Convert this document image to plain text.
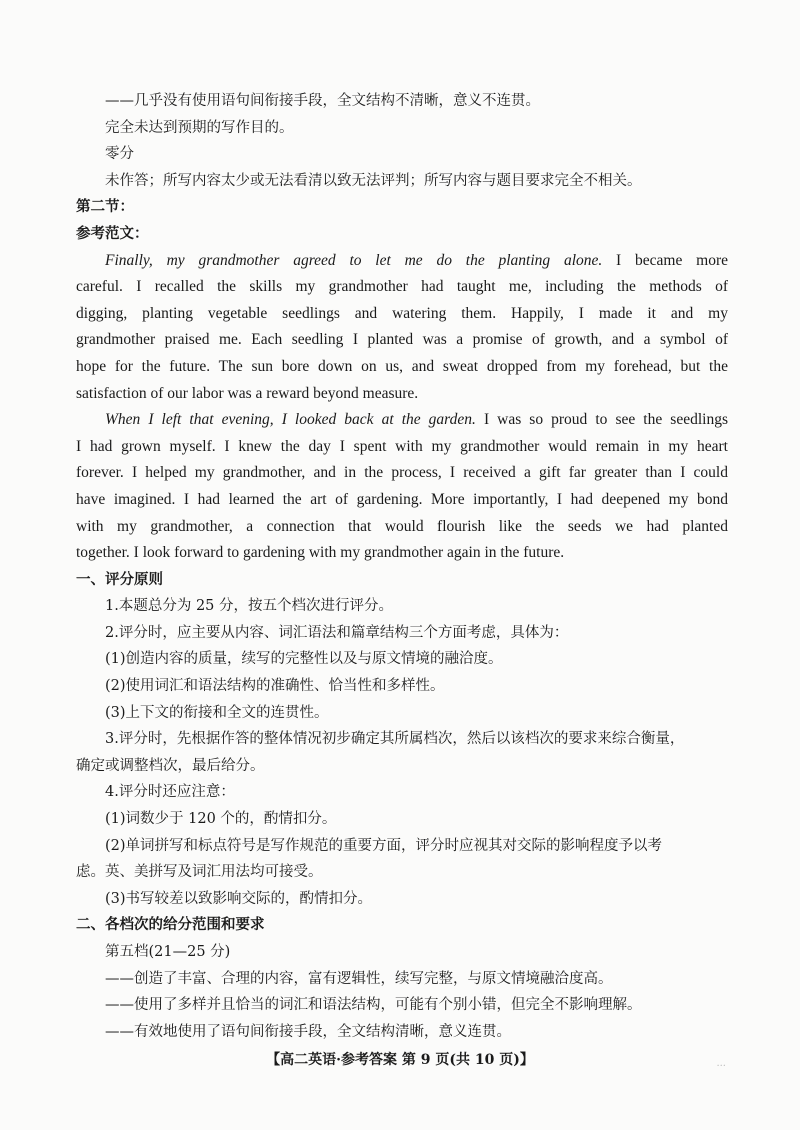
——几乎没有使用语句间衔接手段，全文结构不清晰，意义不连贯。
完全未达到预期的写作目的。
零分
未作答；所写内容太少或无法看清以致无法评判；所写内容与题目要求完全不相关。
第二节：
参考范文：
Finally, my grandmother agreed to let me do the planting alone. I became more
careful. I recalled the skills my grandmother had taught me, including the methods of
digging, planting vegetable seedlings and watering them. Happily, I made it and my
grandmother praised me. Each seedling I planted was a promise of growth, and a symbol of
hope for the future. The sun bore down on us, and sweat dropped from my forehead, but the
satisfaction of our labor was a reward beyond measure.
When I left that evening, I looked back at the garden. I was so proud to see the seedlings
I had grown myself. I knew the day I spent with my grandmother would remain in my heart
forever. I helped my grandmother, and in the process, I received a gift far greater than I could
have imagined. I had learned the art of gardening. More importantly, I had deepened my bond
with my grandmother, a connection that would flourish like the seeds we had planted
together. I look forward to gardening with my grandmother again in the future.
一、评分原则
1.本题总分为 25 分，按五个档次进行评分。
2.评分时，应主要从内容、词汇语法和篇章结构三个方面考虑，具体为：
(1)创造内容的质量，续写的完整性以及与原文情境的融洽度。
(2)使用词汇和语法结构的准确性、恰当性和多样性。
(3)上下文的衔接和全文的连贯性。
3.评分时，先根据作答的整体情况初步确定其所属档次，然后以该档次的要求来综合衡量，
确定或调整档次，最后给分。
4.评分时还应注意：
(1)词数少于 120 个的，酌情扣分。
(2)单词拼写和标点符号是写作规范的重要方面，评分时应视其对交际的影响程度予以考
虑。英、美拼写及词汇用法均可接受。
(3)书写较差以致影响交际的，酌情扣分。
二、各档次的给分范围和要求
第五档(21—25 分)
——创造了丰富、合理的内容，富有逻辑性，续写完整，与原文情境融洽度高。
——使用了多样并且恰当的词汇和语法结构，可能有个别小错，但完全不影响理解。
——有效地使用了语句间衔接手段，全文结构清晰，意义连贯。
【高二英语·参考答案 第 9 页(共 10 页)】	...
